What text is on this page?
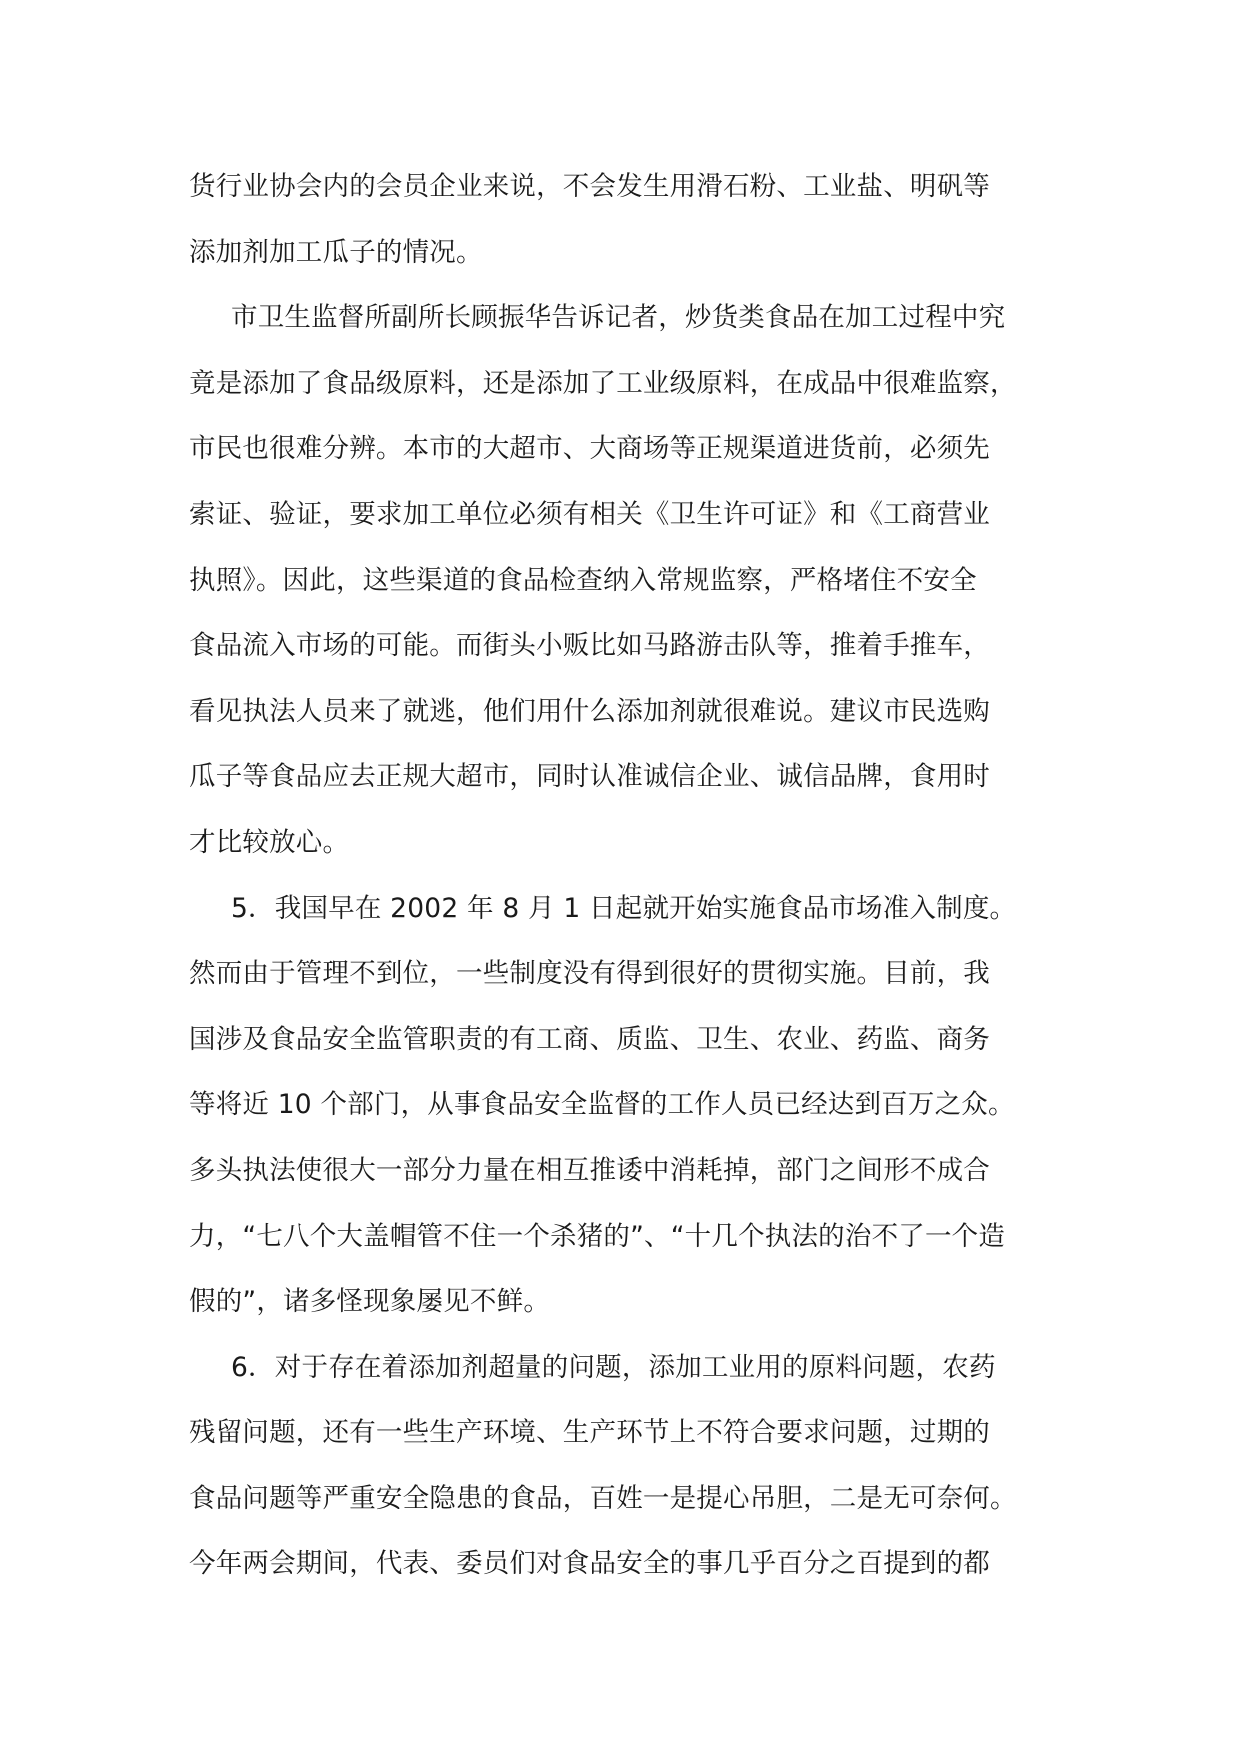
货行业协会内的会员企业来说，不会发生用滑石粉、工业盐、明矾等
添加剂加工瓜子的情况。
市卫生监督所副所长顾振华告诉记者，炒货类食品在加工过程中究
竟是添加了食品级原料，还是添加了工业级原料，在成品中很难监察，
市民也很难分辨。本市的大超市、大商场等正规渠道进货前，必须先
索证、验证，要求加工单位必须有相关《卫生许可证》和《工商营业
执照》。因此，这些渠道的食品检查纳入常规监察，严格堵住不安全
食品流入市场的可能。而街头小贩比如马路游击队等，推着手推车，
看见执法人员来了就逃，他们用什么添加剂就很难说。建议市民选购
瓜子等食品应去正规大超市，同时认准诚信企业、诚信品牌，食用时
才比较放心。
5．我国早在 2002 年 8 月 1 日起就开始实施食品市场准入制度。
然而由于管理不到位，一些制度没有得到很好的贯彻实施。目前，我
国涉及食品安全监管职责的有工商、质监、卫生、农业、药监、商务
等将近 10 个部门，从事食品安全监督的工作人员已经达到百万之众。
多头执法使很大一部分力量在相互推诿中消耗掉，部门之间形不成合
力，“七八个大盖帽管不住一个杀猪的”、“十几个执法的治不了一个造
假的”，诸多怪现象屡见不鲜。
6．对于存在着添加剂超量的问题，添加工业用的原料问题，农药
残留问题，还有一些生产环境、生产环节上不符合要求问题，过期的
食品问题等严重安全隐患的食品，百姓一是提心吊胆，二是无可奈何。
今年两会期间，代表、委员们对食品安全的事几乎百分之百提到的都
